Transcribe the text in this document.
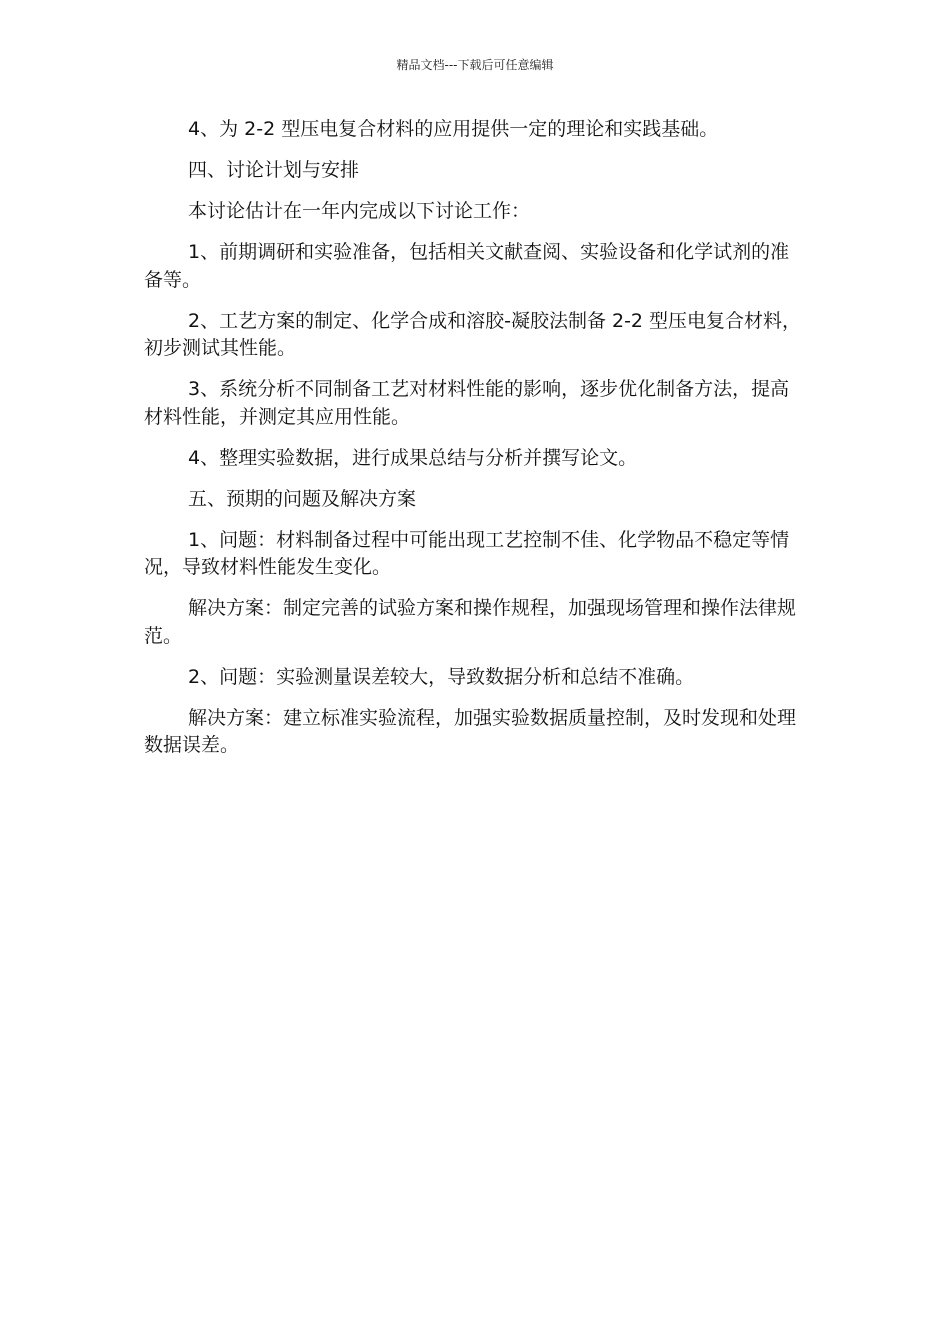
精品文档---下载后可任意编辑

4、为 2-2 型压电复合材料的应用提供一定的理论和实践基础。

四、讨论计划与安排

本讨论估计在一年内完成以下讨论工作：

1、前期调研和实验准备，包括相关文献查阅、实验设备和化学试剂的准备等。

2、工艺方案的制定、化学合成和溶胶-凝胶法制备 2-2 型压电复合材料，初步测试其性能。

3、系统分析不同制备工艺对材料性能的影响，逐步优化制备方法，提高材料性能，并测定其应用性能。

4、整理实验数据，进行成果总结与分析并撰写论文。

五、预期的问题及解决方案

1、问题：材料制备过程中可能出现工艺控制不佳、化学物品不稳定等情况，导致材料性能发生变化。

解决方案：制定完善的试验方案和操作规程，加强现场管理和操作法律规范。

2、问题：实验测量误差较大，导致数据分析和总结不准确。

解决方案：建立标准实验流程，加强实验数据质量控制，及时发现和处理数据误差。
